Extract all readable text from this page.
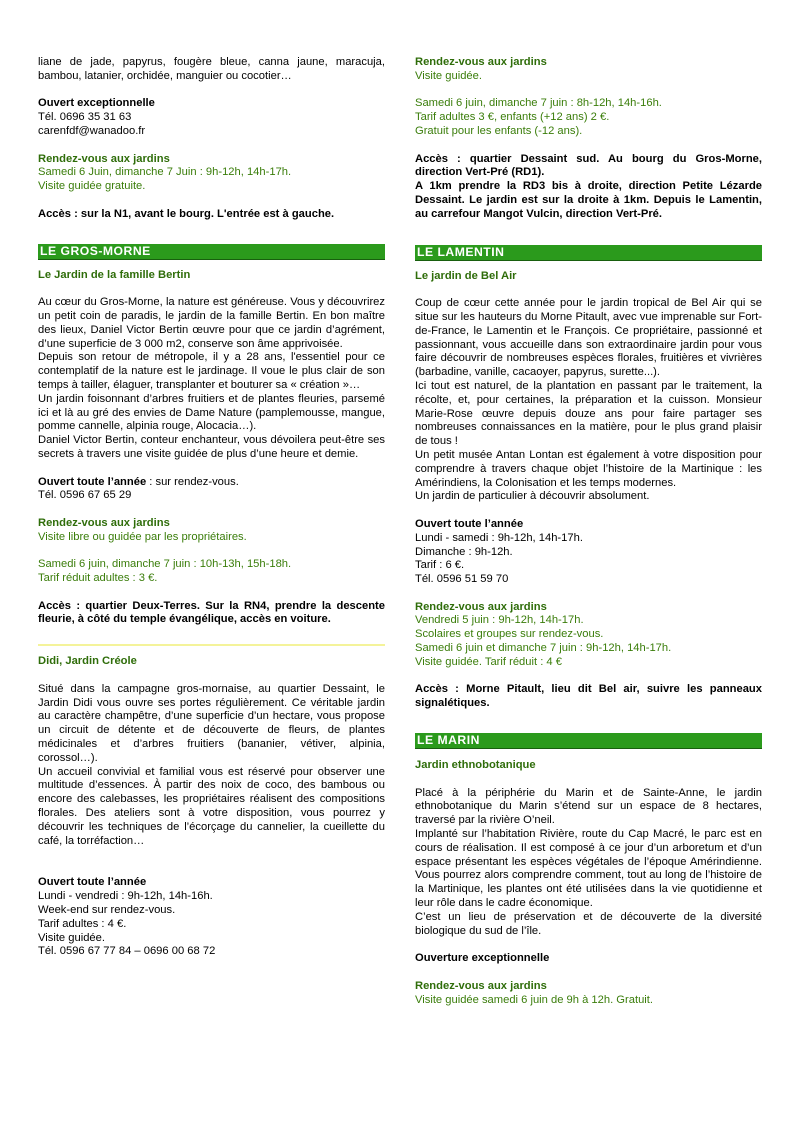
liane de jade, papyrus, fougère bleue, canna jaune, maracuja, bambou, latanier, orchidée, manguier ou cocotier…

Ouvert exceptionnelle

Tél. 0696 35 31 63

carenfdf@wanadoo.fr

Rendez-vous aux jardins

Samedi 6 Juin, dimanche 7 Juin : 9h-12h, 14h-17h.

Visite guidée gratuite.

Accès : sur la N1, avant le bourg. L'entrée est à gauche.

LE GROS-MORNE

Le Jardin de la famille Bertin

Au cœur du Gros-Morne, la nature est généreuse. Vous y découvrirez un petit coin de paradis, le jardin de la famille Bertin. En bon maître des lieux, Daniel Victor Bertin œuvre pour que ce jardin d’agrément, d’une superficie de 3 000 m2, conserve son âme apprivoisée.

Depuis son retour de métropole, il y a 28 ans, l'essentiel pour ce contemplatif de la nature est le jardinage. Il voue le plus clair de son temps à tailler, élaguer, transplanter et bouturer sa « création »…

Un jardin foisonnant d’arbres fruitiers et de plantes fleuries, parsemé ici et là au gré des envies de Dame Nature (pamplemousse, mangue, pomme cannelle, alpinia rouge, Alocacia…).

Daniel Victor Bertin, conteur enchanteur, vous dévoilera peut-être ses secrets à travers une visite guidée de plus d’une heure et demie.

Ouvert toute l’année : sur rendez-vous.

Tél. 0596 67 65 29

Rendez-vous aux jardins

Visite libre ou guidée par les propriétaires.

Samedi 6 juin, dimanche 7 juin : 10h-13h, 15h-18h.

Tarif réduit adultes : 3 €.

Accès : quartier Deux-Terres. Sur la RN4, prendre la descente fleurie, à côté du temple évangélique, accès en voiture.

Didi, Jardin Créole

Situé dans la campagne gros-mornaise, au quartier Dessaint, le Jardin Didi vous ouvre ses portes régulièrement. Ce véritable jardin au caractère champêtre, d’une superficie d’un hectare, vous propose un circuit de détente et de découverte de fleurs, de plantes médicinales et d’arbres fruitiers (bananier, vétiver, alpinia, corossol…).

Un accueil convivial et familial vous est réservé pour observer une multitude d’essences. À partir des noix de coco, des bambous ou encore des calebasses, les propriétaires réalisent des compositions florales. Des ateliers sont à votre disposition, vous pourrez y découvrir les techniques de l’écorçage du cannelier, la cueillette du café, la torréfaction…

Ouvert toute l’année

Lundi - vendredi : 9h-12h, 14h-16h.

Week-end sur rendez-vous.

Tarif adultes : 4 €.

Visite guidée.

Tél. 0596 67 77 84 – 0696 00 68 72

Rendez-vous aux jardins

Visite guidée.

Samedi 6 juin, dimanche 7 juin : 8h-12h, 14h-16h.

Tarif adultes 3 €, enfants (+12 ans) 2 €.

Gratuit pour les enfants (-12 ans).

Accès : quartier Dessaint sud. Au bourg du Gros-Morne, direction Vert-Pré (RD1).

A 1km prendre la RD3 bis à droite, direction Petite Lézarde Dessaint. Le jardin est sur la droite à 1km. Depuis le Lamentin, au carrefour Mangot Vulcin, direction Vert-Pré.

LE LAMENTIN

Le jardin de Bel Air

Coup de cœur cette année pour le jardin tropical de Bel Air qui se situe sur les hauteurs du Morne Pitault, avec vue imprenable sur Fort-de-France, le Lamentin et le François. Ce propriétaire, passionné et passionnant, vous accueille dans son extraordinaire jardin pour vous faire découvrir de nombreuses espèces florales, fruitières et vivrières (barbadine, vanille, cacaoyer, papyrus, surette...).

Ici tout est naturel, de la plantation en passant par le traitement, la récolte, et, pour certaines, la préparation et la cuisson. Monsieur Marie-Rose œuvre depuis douze ans pour faire partager ses nombreuses connaissances en la matière, pour le plus grand plaisir de tous !

Un petit musée Antan Lontan est également à votre disposition pour comprendre à travers chaque objet l’histoire de la Martinique : les Amérindiens, la Colonisation et les temps modernes.

Un jardin de particulier à découvrir absolument.

Ouvert toute l’année

Lundi - samedi : 9h-12h, 14h-17h.

Dimanche : 9h-12h.

Tarif : 6 €.

Tél. 0596 51 59 70

Rendez-vous aux jardins

Vendredi 5 juin : 9h-12h, 14h-17h.

Scolaires et groupes sur rendez-vous.

Samedi 6 juin et dimanche 7 juin : 9h-12h, 14h-17h.

Visite guidée. Tarif réduit : 4 €

Accès : Morne Pitault, lieu dit Bel air, suivre les panneaux signalétiques.

LE MARIN

Jardin ethnobotanique

Placé à la périphérie du Marin et de Sainte-Anne, le jardin ethnobotanique du Marin s’étend sur un espace de 8 hectares, traversé par la rivière O’neil.

Implanté sur l’habitation Rivière, route du Cap Macré, le parc est en cours de réalisation. Il est composé à ce jour d’un arboretum et d’un espace présentant les espèces végétales de l’époque Amérindienne. Vous pourrez alors comprendre comment, tout au long de l’histoire de la Martinique, les plantes ont été utilisées dans la vie quotidienne et leur rôle dans le cadre économique.

C’est un lieu de préservation et de découverte de la diversité biologique du sud de l’île.

Ouverture exceptionnelle

Rendez-vous aux jardins

Visite guidée samedi 6 juin de 9h à 12h. Gratuit.
